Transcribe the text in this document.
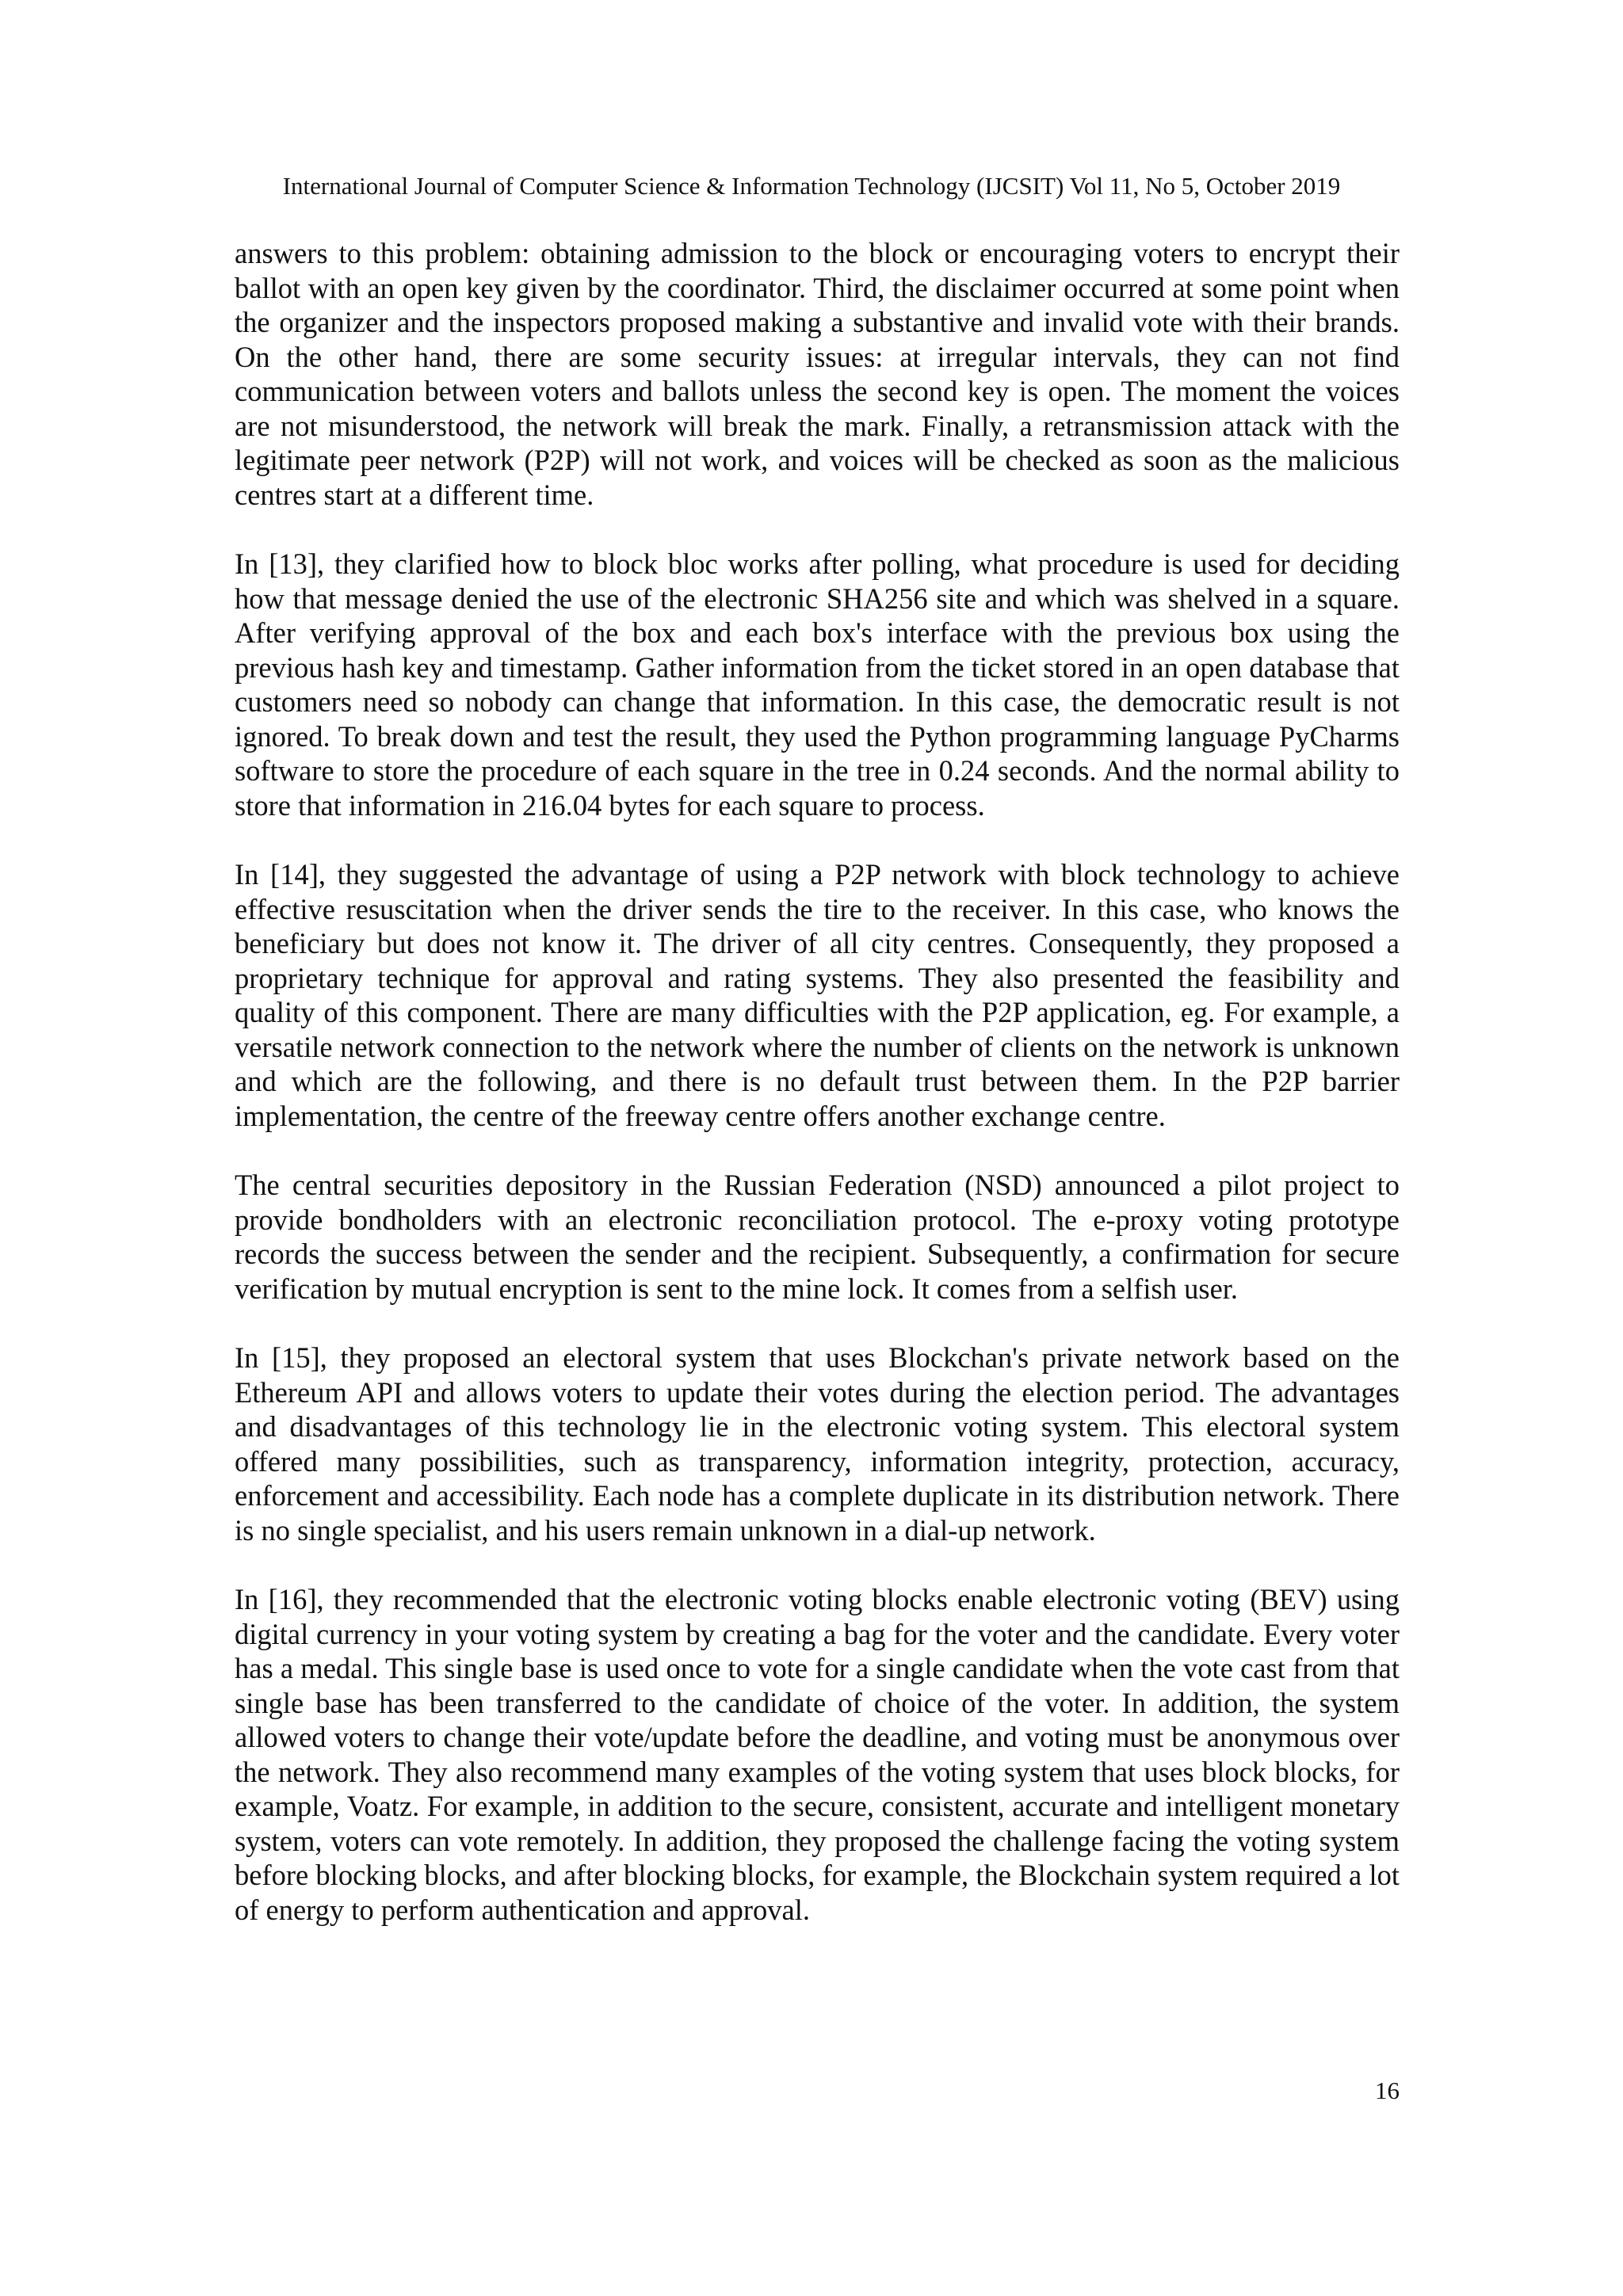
International Journal of Computer Science & Information Technology (IJCSIT) Vol 11, No 5, October 2019

answers to this problem: obtaining admission to the block or encouraging voters to encrypt their ballot with an open key given by the coordinator. Third, the disclaimer occurred at some point when the organizer and the inspectors proposed making a substantive and invalid vote with their brands. On the other hand, there are some security issues: at irregular intervals, they can not find communication between voters and ballots unless the second key is open. The moment the voices are not misunderstood, the network will break the mark. Finally, a retransmission attack with the legitimate peer network (P2P) will not work, and voices will be checked as soon as the malicious centres start at a different time.

In [13], they clarified how to block bloc works after polling, what procedure is used for deciding how that message denied the use of the electronic SHA256 site and which was shelved in a square. After verifying approval of the box and each box's interface with the previous box using the previous hash key and timestamp. Gather information from the ticket stored in an open database that customers need so nobody can change that information. In this case, the democratic result is not ignored. To break down and test the result, they used the Python programming language PyCharms software to store the procedure of each square in the tree in 0.24 seconds. And the normal ability to store that information in 216.04 bytes for each square to process.

In [14], they suggested the advantage of using a P2P network with block technology to achieve effective resuscitation when the driver sends the tire to the receiver. In this case, who knows the beneficiary but does not know it. The driver of all city centres. Consequently, they proposed a proprietary technique for approval and rating systems. They also presented the feasibility and quality of this component. There are many difficulties with the P2P application, eg. For example, a versatile network connection to the network where the number of clients on the network is unknown and which are the following, and there is no default trust between them. In the P2P barrier implementation, the centre of the freeway centre offers another exchange centre.

The central securities depository in the Russian Federation (NSD) announced a pilot project to provide bondholders with an electronic reconciliation protocol. The e-proxy voting prototype records the success between the sender and the recipient. Subsequently, a confirmation for secure verification by mutual encryption is sent to the mine lock. It comes from a selfish user.

In [15], they proposed an electoral system that uses Blockchan's private network based on the Ethereum API and allows voters to update their votes during the election period. The advantages and disadvantages of this technology lie in the electronic voting system. This electoral system offered many possibilities, such as transparency, information integrity, protection, accuracy, enforcement and accessibility. Each node has a complete duplicate in its distribution network. There is no single specialist, and his users remain unknown in a dial-up network.

In [16], they recommended that the electronic voting blocks enable electronic voting (BEV) using digital currency in your voting system by creating a bag for the voter and the candidate. Every voter has a medal. This single base is used once to vote for a single candidate when the vote cast from that single base has been transferred to the candidate of choice of the voter. In addition, the system allowed voters to change their vote/update before the deadline, and voting must be anonymous over the network. They also recommend many examples of the voting system that uses block blocks, for example, Voatz. For example, in addition to the secure, consistent, accurate and intelligent monetary system, voters can vote remotely. In addition, they proposed the challenge facing the voting system before blocking blocks, and after blocking blocks, for example, the Blockchain system required a lot of energy to perform authentication and approval.

16
